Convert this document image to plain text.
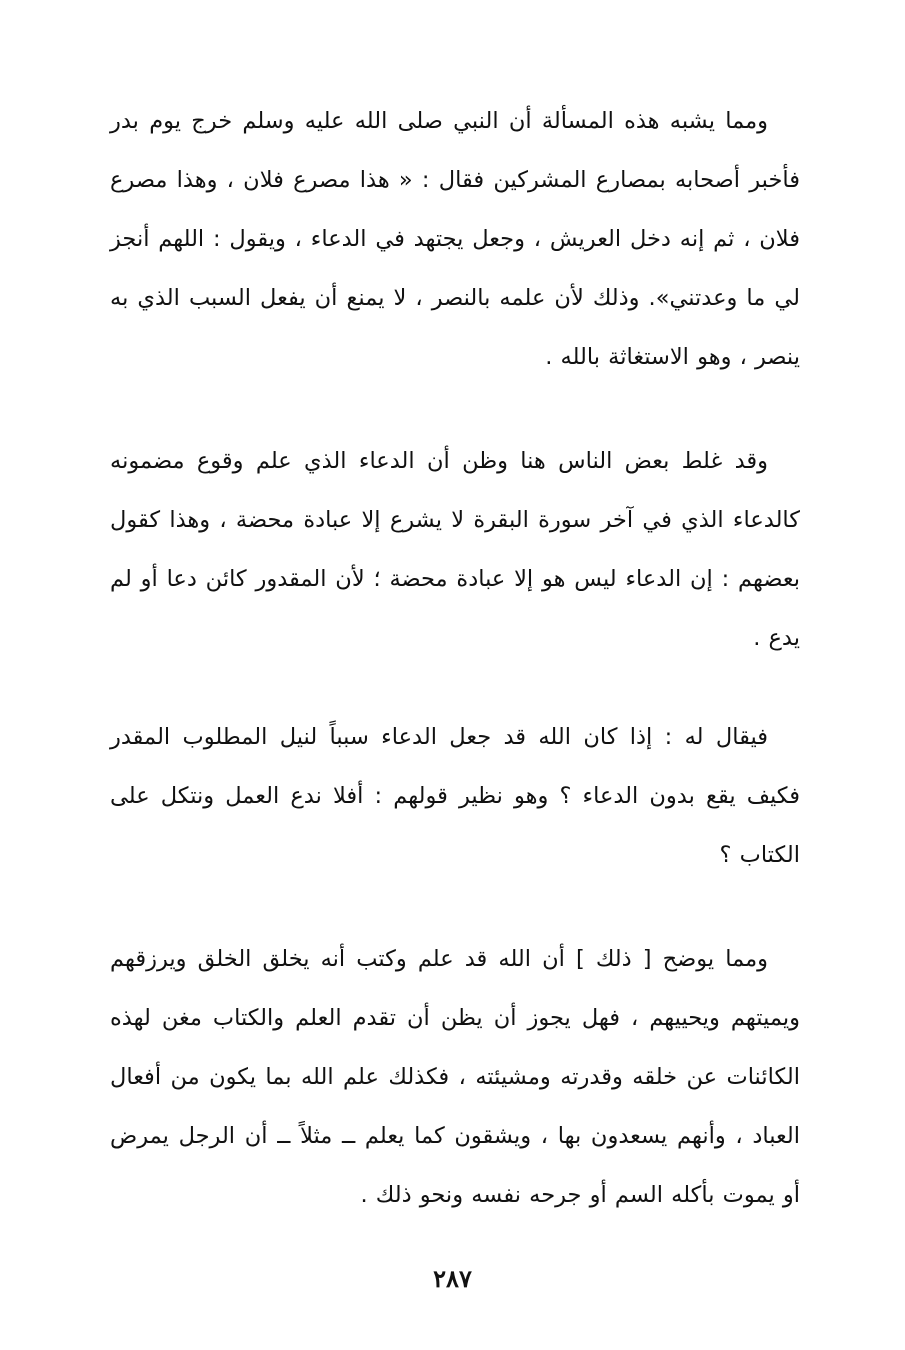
ومما يشبه هذه المسألة أن النبي صلى الله عليه وسلم خرج يوم بدر فأخبر أصحابه بمصارع المشركين فقال : « هذا مصرع فلان ، وهذا مصرع فلان ، ثم إنه دخل العريش ، وجعل يجتهد في الدعاء ، ويقول : اللهم أنجز لي ما وعدتني». وذلك لأن علمه بالنصر ، لا يمنع أن يفعل السبب الذي به ينصر ، وهو الاستغاثة بالله .

وقد غلط بعض الناس هنا وظن أن الدعاء الذي علم وقوع مضمونه كالدعاء الذي في آخر سورة البقرة لا يشرع إلا عبادة محضة ، وهذا كقول بعضهم : إن الدعاء ليس هو إلا عبادة محضة ؛ لأن المقدور كائن دعا أو لم يدع .

فيقال له : إذا كان الله قد جعل الدعاء سبباً لنيل المطلوب المقدر فكيف يقع بدون الدعاء ؟ وهو نظير قولهم : أفلا ندع العمل ونتكل على الكتاب ؟

ومما يوضح [ ذلك ] أن الله قد علم وكتب أنه يخلق الخلق ويرزقهم ويميتهم ويحييهم ، فهل يجوز أن يظن أن تقدم العلم والكتاب مغن لهذه الكائنات عن خلقه وقدرته ومشيئته ، فكذلك علم الله بما يكون من أفعال العباد ، وأنهم يسعدون بها ، ويشقون كما يعلم ــ مثلاً ــ أن الرجل يمرض أو يموت بأكله السم أو جرحه نفسه ونحو ذلك .

٢٨٧
